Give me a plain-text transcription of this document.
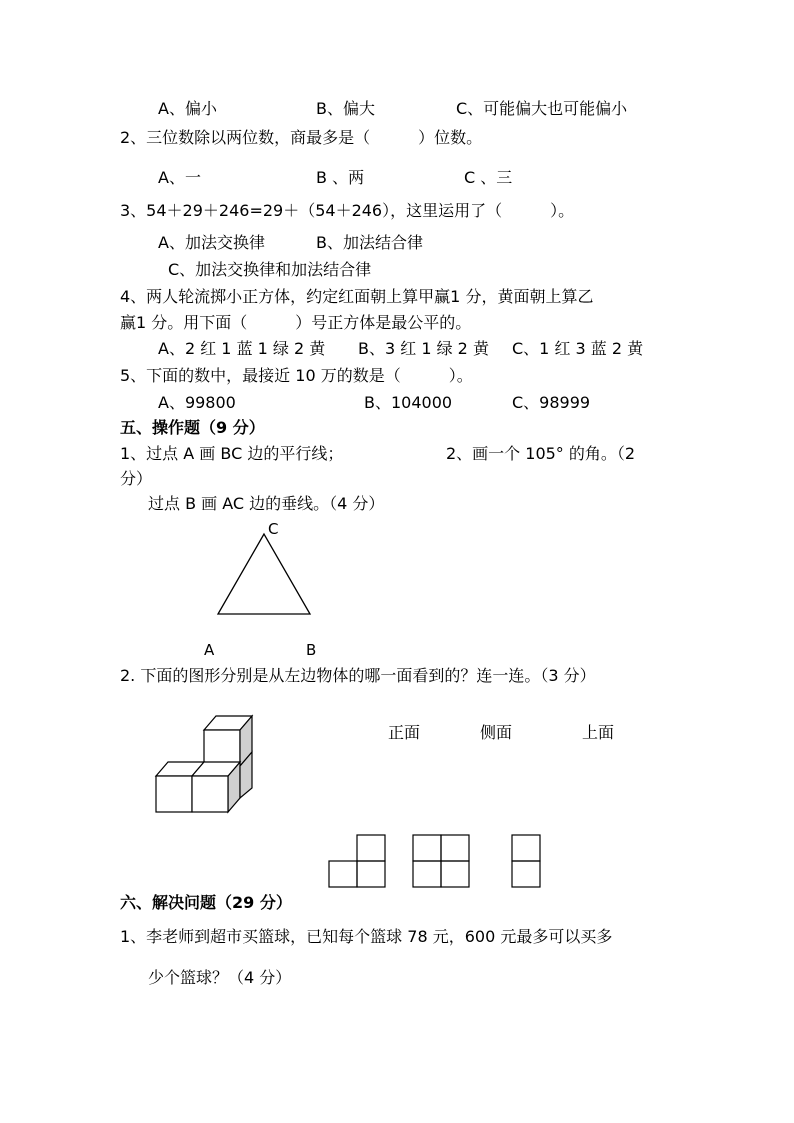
A、偏小	B、偏大	C、可能偏大也可能偏小
2、三位数除以两位数，商最多是（　　　）位数。
A、一	B 、两	C 、三
3、54＋29＋246=29＋（54＋246），这里运用了（　　　）。
A、加法交换律	B、加法结合律
C、加法交换律和加法结合律
4、两人轮流掷小正方体，约定红面朝上算甲赢1 分，黄面朝上算乙
赢1 分。用下面（　　　）号正方体是最公平的。
A、2 红 1 蓝 1 绿 2 黄 B、3 红 1 绿 2 黄 C、1 红 3 蓝 2 黄
5、下面的数中，最接近 10 万的数是（　　　）。
A、99800	B、104000	C、98999
五、操作题（9 分）
1、过点 A 画 BC 边的平行线；	2、画一个 105° 的角。（2
分）
过点 B 画 AC 边的垂线。（4 分）
C
A	B
2. 下面的图形分别是从左边物体的哪一面看到的？连一连。（3 分）
正面	侧面	上面
六、解决问题（29 分）
1、李老师到超市买篮球，已知每个篮球 78 元，600 元最多可以买多
少个篮球？（4 分）
